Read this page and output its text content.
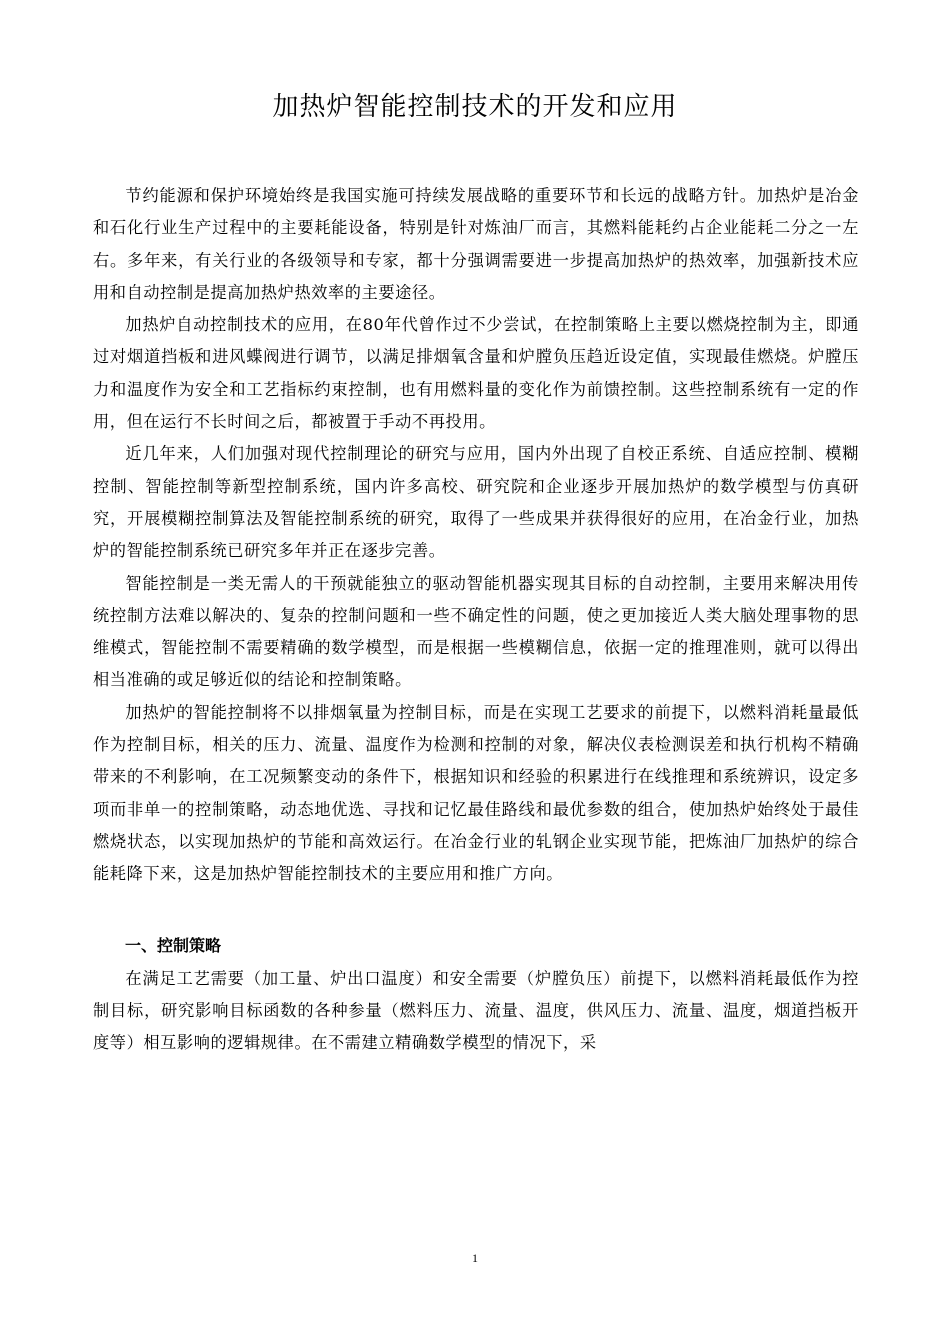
加热炉智能控制技术的开发和应用

节约能源和保护环境始终是我国实施可持续发展战略的重要环节和长远的战略方针。加热炉是冶金和石化行业生产过程中的主要耗能设备，特别是针对炼油厂而言，其燃料能耗约占企业能耗二分之一左右。多年来，有关行业的各级领导和专家，都十分强调需要进一步提高加热炉的热效率，加强新技术应用和自动控制是提高加热炉热效率的主要途径。

加热炉自动控制技术的应用，在80年代曾作过不少尝试，在控制策略上主要以燃烧控制为主，即通过对烟道挡板和进风蝶阀进行调节，以满足排烟氧含量和炉膛负压趋近设定值，实现最佳燃烧。炉膛压力和温度作为安全和工艺指标约束控制，也有用燃料量的变化作为前馈控制。这些控制系统有一定的作用，但在运行不长时间之后，都被置于手动不再投用。

近几年来，人们加强对现代控制理论的研究与应用，国内外出现了自校正系统、自适应控制、模糊控制、智能控制等新型控制系统，国内许多高校、研究院和企业逐步开展加热炉的数学模型与仿真研究，开展模糊控制算法及智能控制系统的研究，取得了一些成果并获得很好的应用，在冶金行业，加热炉的智能控制系统已研究多年并正在逐步完善。

智能控制是一类无需人的干预就能独立的驱动智能机器实现其目标的自动控制，主要用来解决用传统控制方法难以解决的、复杂的控制问题和一些不确定性的问题，使之更加接近人类大脑处理事物的思维模式，智能控制不需要精确的数学模型，而是根据一些模糊信息，依据一定的推理准则，就可以得出相当准确的或足够近似的结论和控制策略。

加热炉的智能控制将不以排烟氧量为控制目标，而是在实现工艺要求的前提下，以燃料消耗量最低作为控制目标，相关的压力、流量、温度作为检测和控制的对象，解决仪表检测误差和执行机构不精确带来的不利影响，在工况频繁变动的条件下，根据知识和经验的积累进行在线推理和系统辨识，设定多项而非单一的控制策略，动态地优选、寻找和记忆最佳路线和最优参数的组合，使加热炉始终处于最佳燃烧状态，以实现加热炉的节能和高效运行。在冶金行业的轧钢企业实现节能，把炼油厂加热炉的综合能耗降下来，这是加热炉智能控制技术的主要应用和推广方向。

一、控制策略

在满足工艺需要（加工量、炉出口温度）和安全需要（炉膛负压）前提下，以燃料消耗最低作为控制目标，研究影响目标函数的各种参量（燃料压力、流量、温度，供风压力、流量、温度，烟道挡板开度等）相互影响的逻辑规律。在不需建立精确数学模型的情况下，采

1
